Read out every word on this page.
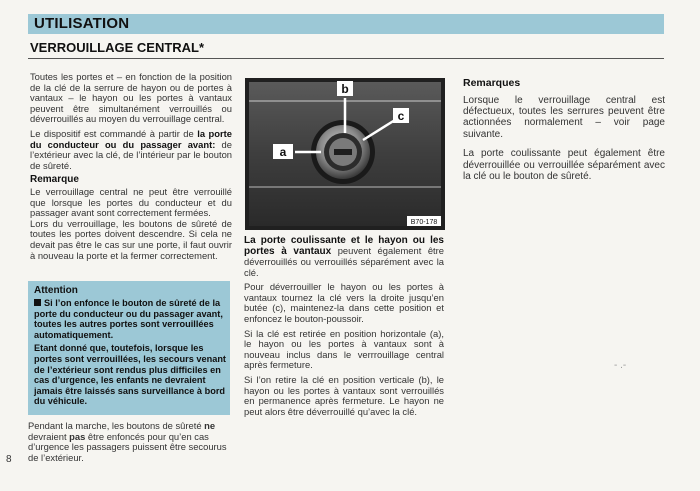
UTILISATION
VERROUILLAGE CENTRAL*

Toutes les portes et – en fonction de la position de la clé de la serrure de hayon ou de portes à vantaux – le hayon ou les portes à vantaux peuvent être simultanément verrouillés ou déverrouillés au moyen du verrouillage central.

Le dispositif est commandé à partir de la porte du conducteur ou du passager avant: de l’extérieur avec la clé, de l’intérieur par le bouton de sûreté.

Remarque

Le verrouillage central ne peut être verrouillé que lorsque les portes du conducteur et du passager avant sont correctement fermées.

Lors du verrouillage, les boutons de sûreté de toutes les portes doivent descendre. Si cela ne devait pas être le cas sur une porte, il faut ouvrir à nouveau la porte et la fermer correctement.

Attention

Si l’on enfonce le bouton de sûreté de la porte du conducteur ou du passager avant, toutes les autres portes sont verrouillées automatiquement.

Etant donné que, toutefois, lorsque les portes sont verrouillées, les secours venant de l’extérieur sont rendus plus difficiles en cas d’urgence, les enfants ne devraient jamais être laissés sans surveillance à bord du véhicule.

Pendant la marche, les boutons de sûreté ne devraient pas être enfoncés pour qu’en cas d’urgence les passagers puissent être secourus de l’extérieur.
8
a
b
c
B70-178

La porte coulissante et le hayon ou les portes à vantaux peuvent également être déverrouillés ou verrouillés séparément avec la clé.

Pour déverrouiller le hayon ou les portes à vantaux tournez la clé vers la droite jusqu’en butée (c), maintenez-la dans cette position et enfoncez le bouton-poussoir.

Si la clé est retirée en position horizontale (a), le hayon ou les portes à vantaux sont à nouveau inclus dans le verrrouillage central après fermeture.

Si l’on retire la clé en position verticale (b), le hayon ou les portes à vantaux sont verrouillés en permanence après fermeture. Le hayon ne peut alors être déverrouillé qu’avec la clé.

Remarques

Lorsque le verrouillage central est défectueux, toutes les serrures peuvent être actionnées normalement – voir page suivante.

La porte coulissante peut également être déverrouillée ou verrouillée séparément avec la clé ou le bouton de sûreté.

- .-
